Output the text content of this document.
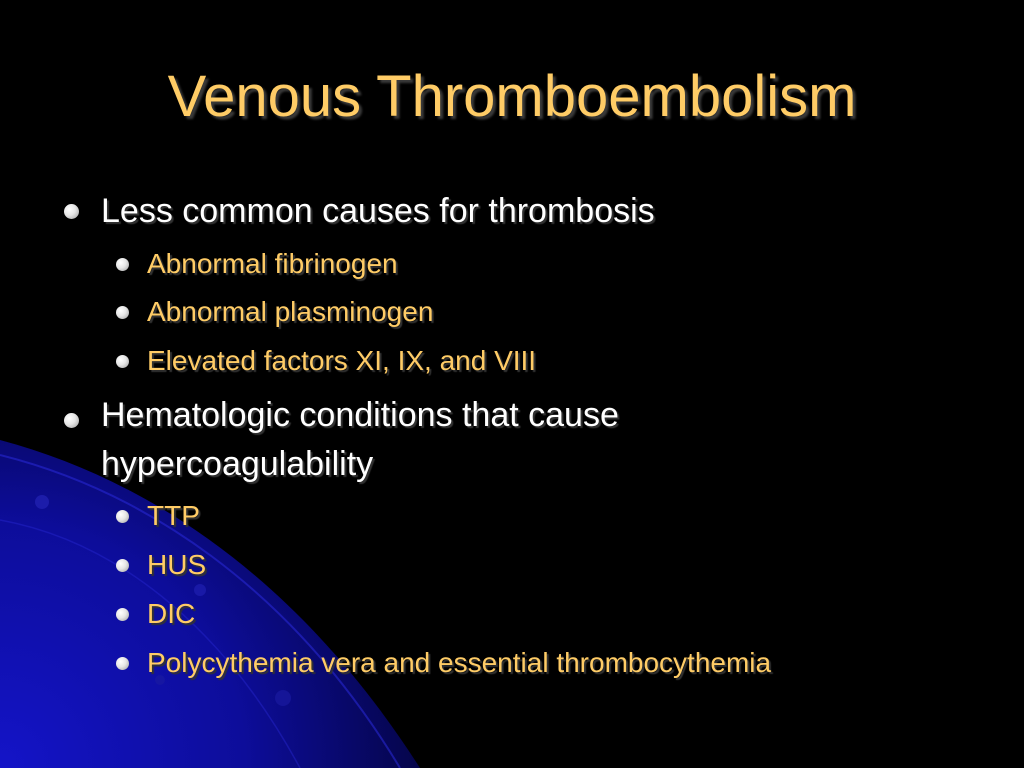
Venous Thromboembolism
Less common causes for thrombosis
Abnormal fibrinogen
Abnormal plasminogen
Elevated factors XI, IX, and VIII
Hematologic conditions that cause
hypercoagulability
TTP
HUS
DIC
Polycythemia vera and essential thrombocythemia
